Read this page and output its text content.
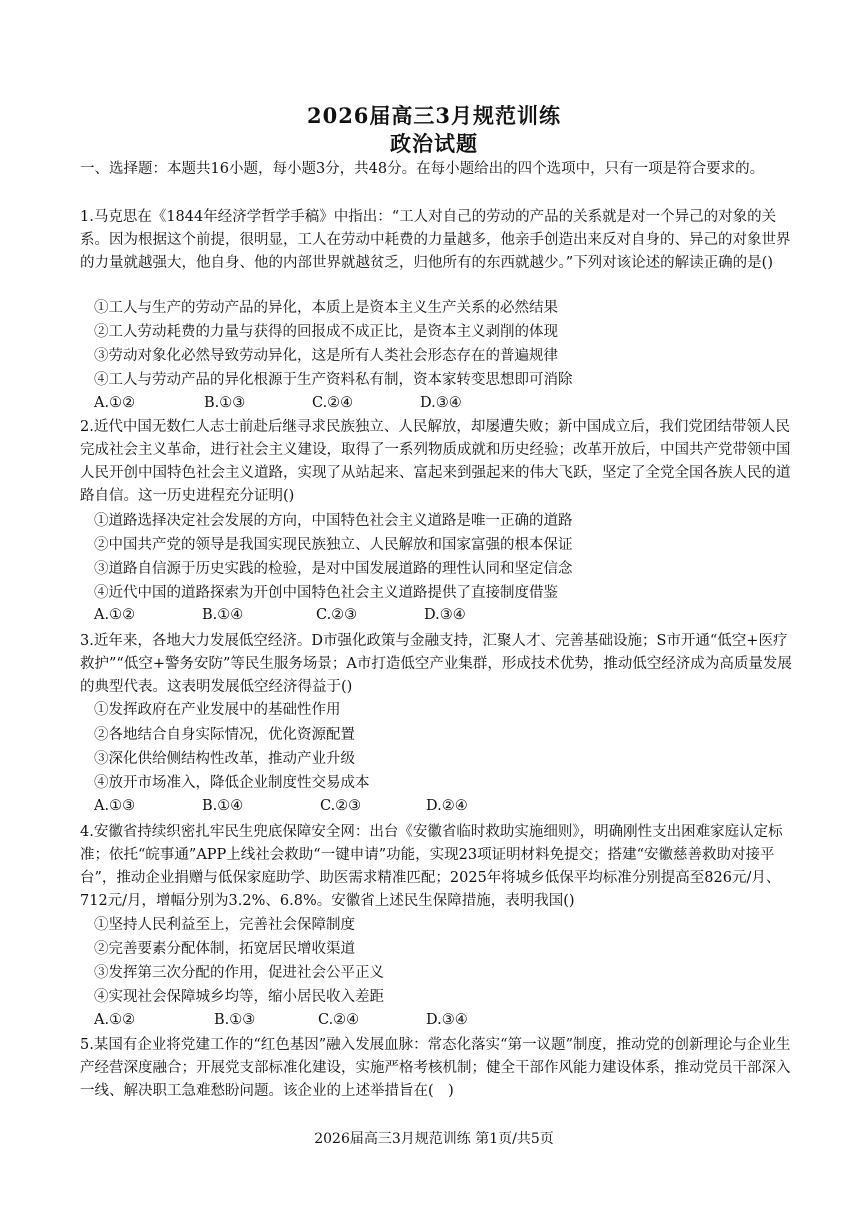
2026届高三3月规范训练
政治试题
一、选择题：本题共16小题，每小题3分，共48分。在每小题给出的四个选项中，只有一项是符合要求的。

1.马克思在《1844年经济学哲学手稿》中指出：“工人对自己的劳动的产品的关系就是对一个异己的对象的关系。因为根据这个前提，很明显，工人在劳动中耗费的力量越多，他亲手创造出来反对自身的、异己的对象世界的力量就越强大，他自身、他的内部世界就越贫乏，归他所有的东西就越少。”下列对该论述的解读正确的是()

①工人与生产的劳动产品的异化，本质上是资本主义生产关系的必然结果
②工人劳动耗费的力量与获得的回报成不成正比，是资本主义剥削的体现
③劳动对象化必然导致劳动异化，这是所有人类社会形态存在的普遍规律
④工人与劳动产品的异化根源于生产资料私有制，资本家转变思想即可消除
A.①②	B.①③	C.②④	D.③④

2.近代中国无数仁人志士前赴后继寻求民族独立、人民解放，却屡遭失败；新中国成立后，我们党团结带领人民完成社会主义革命，进行社会主义建设，取得了一系列物质成就和历史经验；改革开放后，中国共产党带领中国人民开创中国特色社会主义道路，实现了从站起来、富起来到强起来的伟大飞跃，坚定了全党全国各族人民的道路自信。这一历史进程充分证明()

①道路选择决定社会发展的方向，中国特色社会主义道路是唯一正确的道路
②中国共产党的领导是我国实现民族独立、人民解放和国家富强的根本保证
③道路自信源于历史实践的检验，是对中国发展道路的理性认同和坚定信念
④近代中国的道路探索为开创中国特色社会主义道路提供了直接制度借鉴
A.①②	B.①④	C.②③	D.③④

3.近年来，各地大力发展低空经济。D市强化政策与金融支持，汇聚人才、完善基础设施；S市开通“低空+医疗救护”“低空+警务安防”等民生服务场景；A市打造低空产业集群，形成技术优势，推动低空经济成为高质量发展的典型代表。这表明发展低空经济得益于()

①发挥政府在产业发展中的基础性作用
②各地结合自身实际情况，优化资源配置
③深化供给侧结构性改革，推动产业升级
④放开市场准入，降低企业制度性交易成本
A.①③	B.①④	C.②③	D.②④

4.安徽省持续织密扎牢民生兜底保障安全网：出台《安徽省临时救助实施细则》，明确刚性支出困难家庭认定标准；依托“皖事通”APP上线社会救助“一键申请”功能，实现23项证明材料免提交；搭建“安徽慈善救助对接平台”，推动企业捐赠与低保家庭助学、助医需求精准匹配；2025年将城乡低保平均标准分别提高至826元/月、712元/月，增幅分别为3.2%、6.8%。安徽省上述民生保障措施，表明我国()

①坚持人民利益至上，完善社会保障制度
②完善要素分配体制，拓宽居民增收渠道
③发挥第三次分配的作用，促进社会公平正义
④实现社会保障城乡均等，缩小居民收入差距
A.①②	B.①③	C.②④	D.③④

5.某国有企业将党建工作的“红色基因”融入发展血脉：常态化落实“第一议题”制度，推动党的创新理论与企业生产经营深度融合；开展党支部标准化建设，实施严格考核机制；健全干部作风能力建设体系，推动党员干部深入一线、解决职工急难愁盼问题。该企业的上述举措旨在(　)

2026届高三3月规范训练 第1页/共5页
